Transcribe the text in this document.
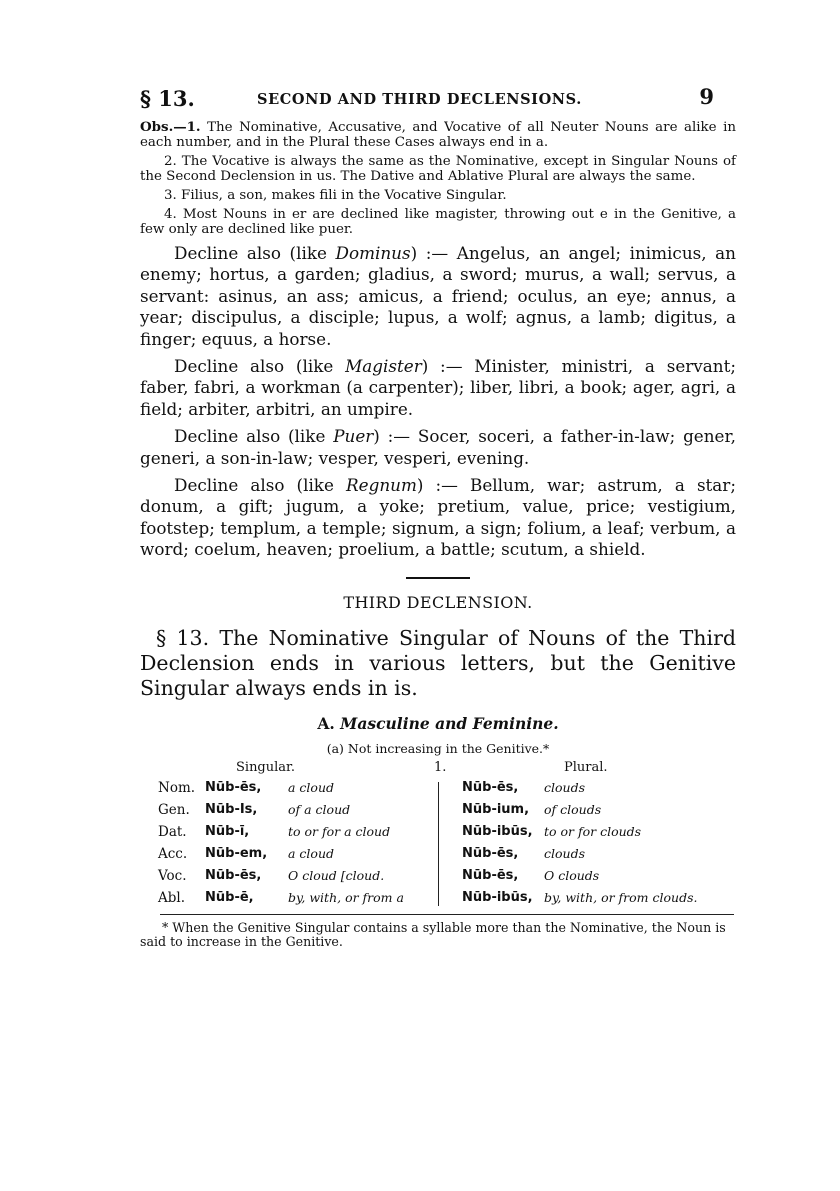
§ 13.	SECOND AND THIRD DECLENSIONS.	9

Obs.—1. The Nominative, Accusative, and Vocative of all Neuter Nouns are alike in each number, and in the Plural these Cases always end in a.

2. The Vocative is always the same as the Nominative, except in Singular Nouns of the Second Declension in us. The Dative and Ablative Plural are always the same.

3. Filius, a son, makes fili in the Vocative Singular.

4. Most Nouns in er are declined like magister, throwing out e in the Genitive, a few only are declined like puer.

Decline also (like Dominus) :— Angelus, an angel; inimicus, an enemy; hortus, a garden; gladius, a sword; murus, a wall; servus, a servant: asinus, an ass; amicus, a friend; oculus, an eye; annus, a year; discipulus, a disciple; lupus, a wolf; agnus, a lamb; digitus, a finger; equus, a horse.

Decline also (like Magister) :— Minister, ministri, a servant; faber, fabri, a workman (a carpenter); liber, libri, a book; ager, agri, a field; arbiter, arbitri, an umpire.

Decline also (like Puer) :— Socer, soceri, a father-in-law; gener, generi, a son-in-law; vesper, vesperi, evening.

Decline also (like Regnum) :— Bellum, war; astrum, a star; donum, a gift; jugum, a yoke; pretium, value, price; vestigium, footstep; templum, a temple; signum, a sign; folium, a leaf; verbum, a word; coelum, heaven; proelium, a battle; scutum, a shield.

THIRD DECLENSION.

§ 13. The Nominative Singular of Nouns of the Third Declension ends in various letters, but the Genitive Singular always ends in is.

A. Masculine and Feminine.
(a) Not increasing in the Genitive.*
Singular.	1.	Plural.
Nom. Nūb-ēs, a cloud	Nūb-ēs, clouds
Gen. Nūb-Is, of a cloud	Nūb-ium, of clouds
Dat. Nūb-ī,	to or for a cloud	Nūb-ibūs, to or for clouds
Acc. Nūb-em, a cloud	Nūb-ēs, clouds
Voc. Nūb-ēs, O cloud [cloud.	Nūb-ēs, O clouds
Abl. Nūb-ē,	by, with, or from a	Nūb-ibūs, by, with, or from clouds.

* When the Genitive Singular contains a syllable more than the Nominative, the Noun is said to increase in the Genitive.
